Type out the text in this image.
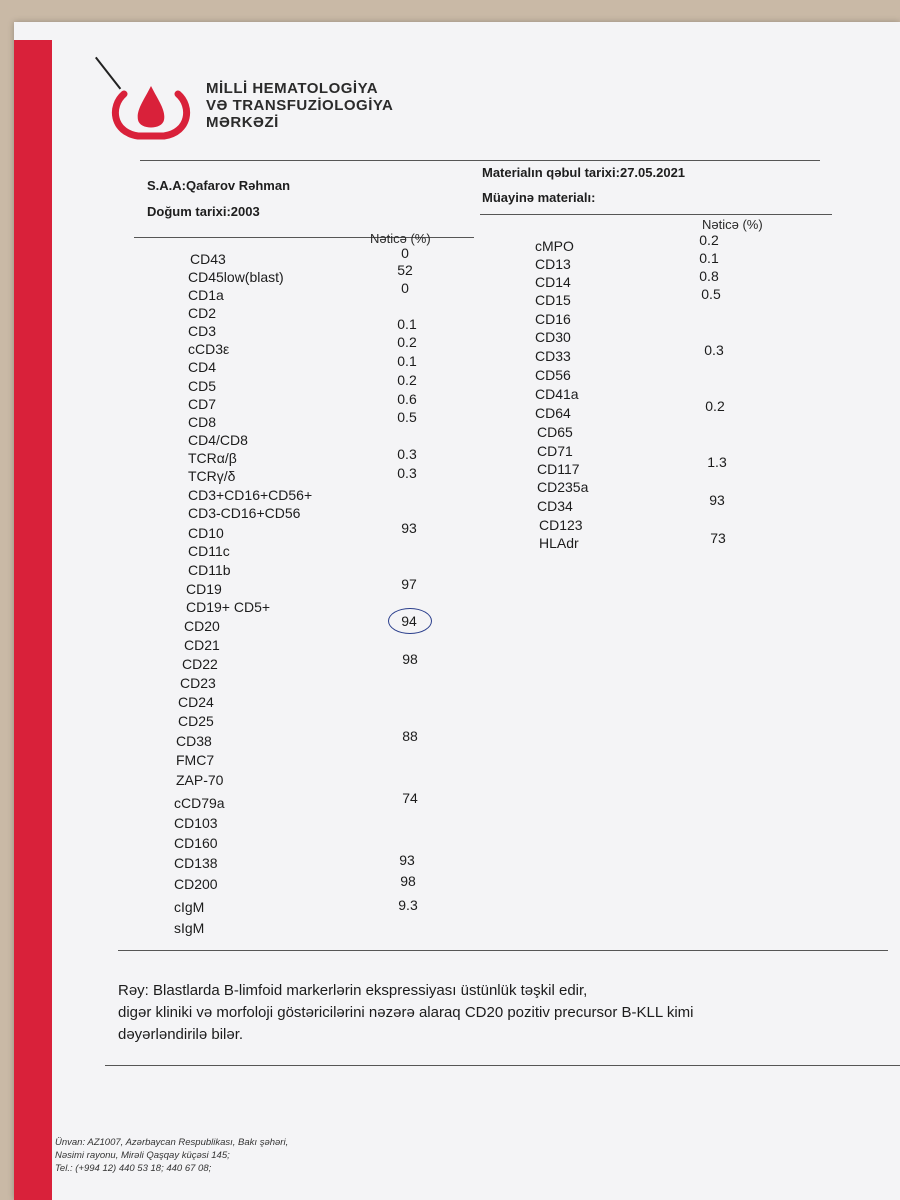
MİLLİ HEMATOLOGİYA
VƏ TRANSFUZİOLOGİYA
MƏRKƏZİ
S.A.A:Qafarov Rəhman
Doğum tarixi:2003
Materialın qəbul tarixi:27.05.2021
Müayinə materialı:
Nəticə (%)
Nəticə (%)
CD43	0
CD45low(blast)	52
CD1a	0
CD2
CD3	0.1
cCD3ε	0.2
CD4	0.1
CD5	0.2
CD7	0.6
CD8	0.5
CD4/CD8
TCRα/β	0.3
TCRγ/δ	0.3
CD3+CD16+CD56+
CD3-CD16+CD56
CD10	93
CD11c
CD11b
CD19	97
CD19+ CD5+
CD20	94
CD21
CD22	98
CD23
CD24
CD25
CD38	88
FMC7
ZAP-70
cCD79a	74
CD103
CD160
CD138	93
CD200	98
cIgM	9.3
sIgM
cMPO	0.2
CD13	0.1
CD14	0.8
CD15	0.5
CD16
CD30
CD33	0.3
CD56
CD41a
CD64	0.2
CD65
CD71
CD117	1.3
CD235a
CD34	93
CD123
HLAdr	73
Rəy: Blastlarda B-limfoid markerlərin ekspressiyası üstünlük təşkil edir,
digər kliniki və morfoloji göstəricilərini nəzərə alaraq CD20 pozitiv precursor B-KLL kimi
dəyərləndirilə bilər.
Ünvan: AZ1007, Azərbaycan Respublikası, Bakı şəhəri,
Nəsimi rayonu, Mirəli Qaşqay küçəsi 145;
Tel.: (+994 12) 440 53 18; 440 67 08;
